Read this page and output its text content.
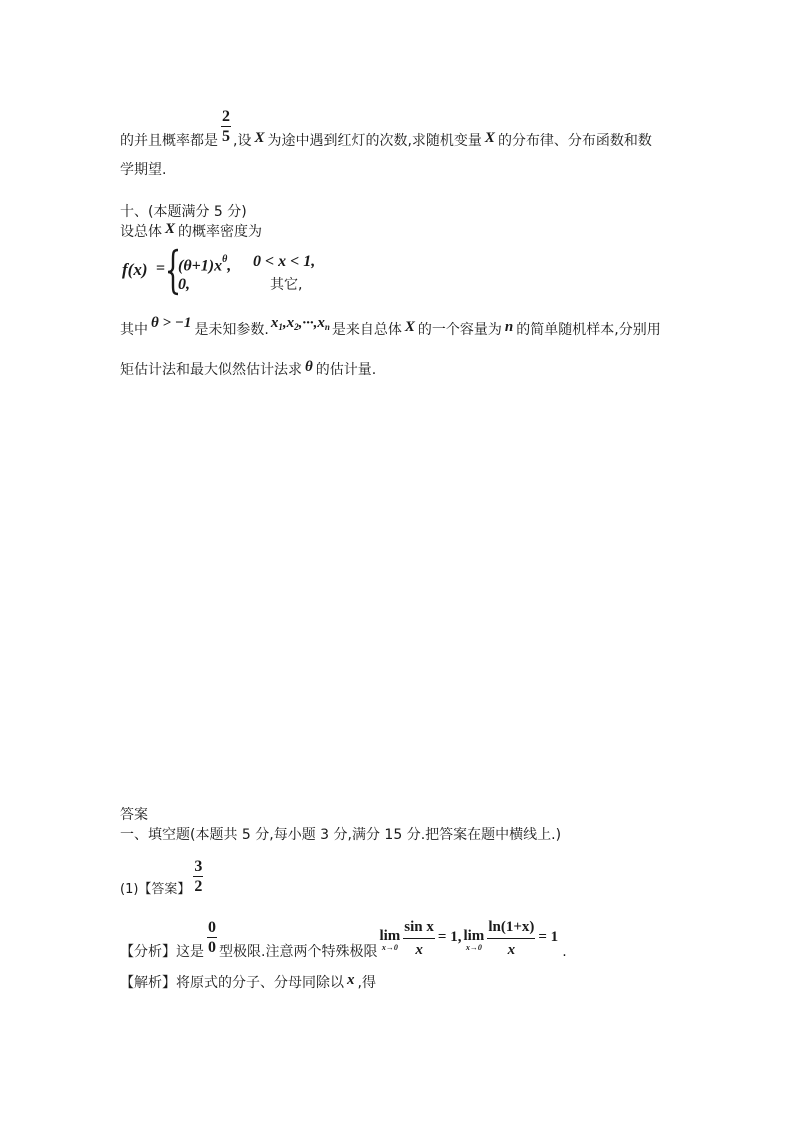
的并且概率都是 $\frac{2}{5}$ ,设 X 为途中遇到红灯的次数,求随机变量 X 的分布律、分布函数和数
学期望.
十、(本题满分 5 分)
设总体 X 的概率密度为
$f(x) = (\theta+1)x^\theta$, 0 < x < 1,
0,	其它,
其中 θ > −1 是未知参数. $x_1,x_2,\cdot\cdot\cdot,x_n$ 是来自总体 X 的一个容量为 n 的简单随机样本,分别用
矩估计法和最大似然估计法求 θ 的估计量.
答案
一、填空题(本题共 5 分,每小题 3 分,满分 15 分.把答案在题中横线上.)
(1)【答案】 $\frac{3}{2}$
【分析】这是 $\frac{0}{0}$ 型极限.注意两个特殊极限
lim
$x\to 0 \frac{\text{sin x}}{x} = 1$, lim
$x\to 0 \frac{\ln(1+x)}{x} = 1$.
【解析】将原式的分子、分母同除以 x ,得
